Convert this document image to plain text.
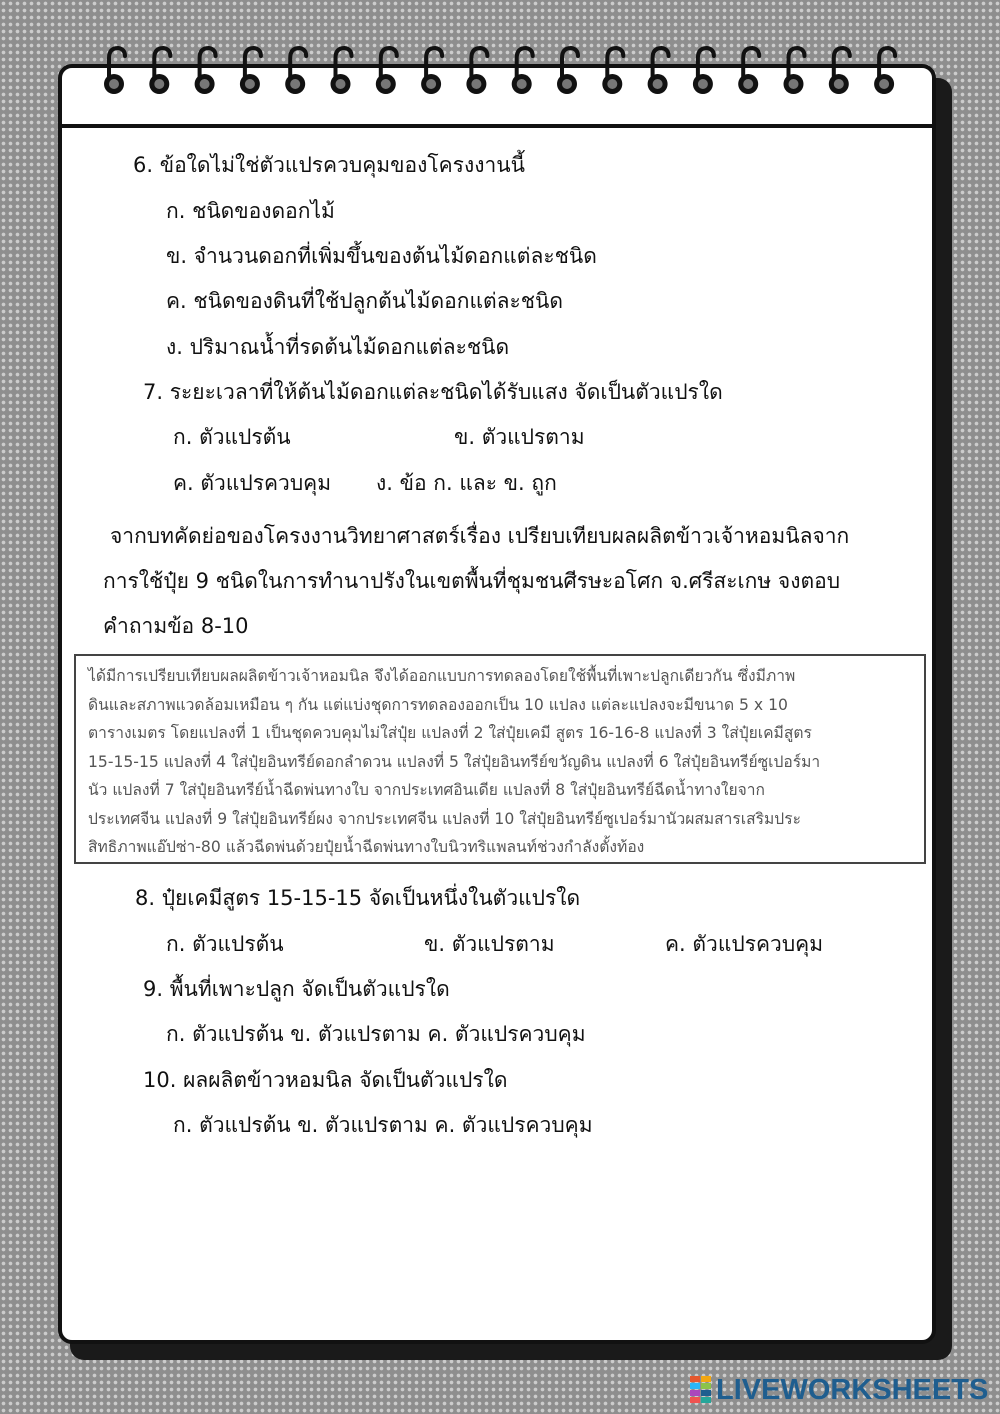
6. ข้อใดไม่ใช่ตัวแปรควบคุมของโครงงานนี้
ก. ชนิดของดอกไม้
ข. จำนวนดอกที่เพิ่มขึ้นของต้นไม้ดอกแต่ละชนิด
ค. ชนิดของดินที่ใช้ปลูกต้นไม้ดอกแต่ละชนิด
ง. ปริมาณน้ำที่รดต้นไม้ดอกแต่ละชนิด
7. ระยะเวลาที่ให้ต้นไม้ดอกแต่ละชนิดได้รับแสง จัดเป็นตัวแปรใด
ก. ตัวแปรต้น	ข. ตัวแปรตาม
ค. ตัวแปรควบคุม ง. ข้อ ก. และ ข. ถูก
จากบทคัดย่อของโครงงานวิทยาศาสตร์เรื่อง เปรียบเทียบผลผลิตข้าวเจ้าหอมนิลจาก
การใช้ปุ๋ย 9 ชนิดในการทำนาปรังในเขตพื้นที่ชุมชนศีรษะอโศก จ.ศรีสะเกษ จงตอบ
คำถามข้อ 8-10
ได้มีการเปรียบเทียบผลผลิตข้าวเจ้าหอมนิล จึงได้ออกแบบการทดลองโดยใช้พื้นที่เพาะปลูกเดียวกัน ซึ่งมีภาพ
ดินและสภาพแวดล้อมเหมือน ๆ กัน แต่แบ่งชุดการทดลองออกเป็น 10 แปลง แต่ละแปลงจะมีขนาด 5 x 10
ตารางเมตร โดยแปลงที่ 1 เป็นชุดควบคุมไม่ใส่ปุ๋ย แปลงที่ 2 ใส่ปุ๋ยเคมี สูตร 16-16-8 แปลงที่ 3 ใส่ปุ๋ยเคมีสูตร
15-15-15 แปลงที่ 4 ใส่ปุ๋ยอินทรีย์ดอกลำดวน แปลงที่ 5 ใส่ปุ๋ยอินทรีย์ขวัญดิน แปลงที่ 6 ใส่ปุ๋ยอินทรีย์ซูเปอร์มา
นัว แปลงที่ 7 ใส่ปุ๋ยอินทรีย์น้ำฉีดพ่นทางใบ จากประเทศอินเดีย แปลงที่ 8 ใส่ปุ๋ยอินทรีย์ฉีดน้ำทางใยจาก
ประเทศจีน แปลงที่ 9 ใส่ปุ๋ยอินทรีย์ผง จากประเทศจีน แปลงที่ 10 ใส่ปุ๋ยอินทรีย์ซูเปอร์มานัวผสมสารเสริมประ
สิทธิภาพแอ๊ปซ่า-80 แล้วฉีดพ่นด้วยปุ๋ยน้ำฉีดพ่นทางใบนิวทริแพลนท์ช่วงกำลังตั้งท้อง
8. ปุ๋ยเคมีสูตร 15-15-15 จัดเป็นหนึ่งในตัวแปรใด
ก. ตัวแปรต้น	ข. ตัวแปรตาม	ค. ตัวแปรควบคุม
9. พื้นที่เพาะปลูก จัดเป็นตัวแปรใด
ก. ตัวแปรต้น ข. ตัวแปรตาม ค. ตัวแปรควบคุม
10. ผลผลิตข้าวหอมนิล จัดเป็นตัวแปรใด
ก. ตัวแปรต้น ข. ตัวแปรตาม ค. ตัวแปรควบคุม
LIVEWORKSHEETS
